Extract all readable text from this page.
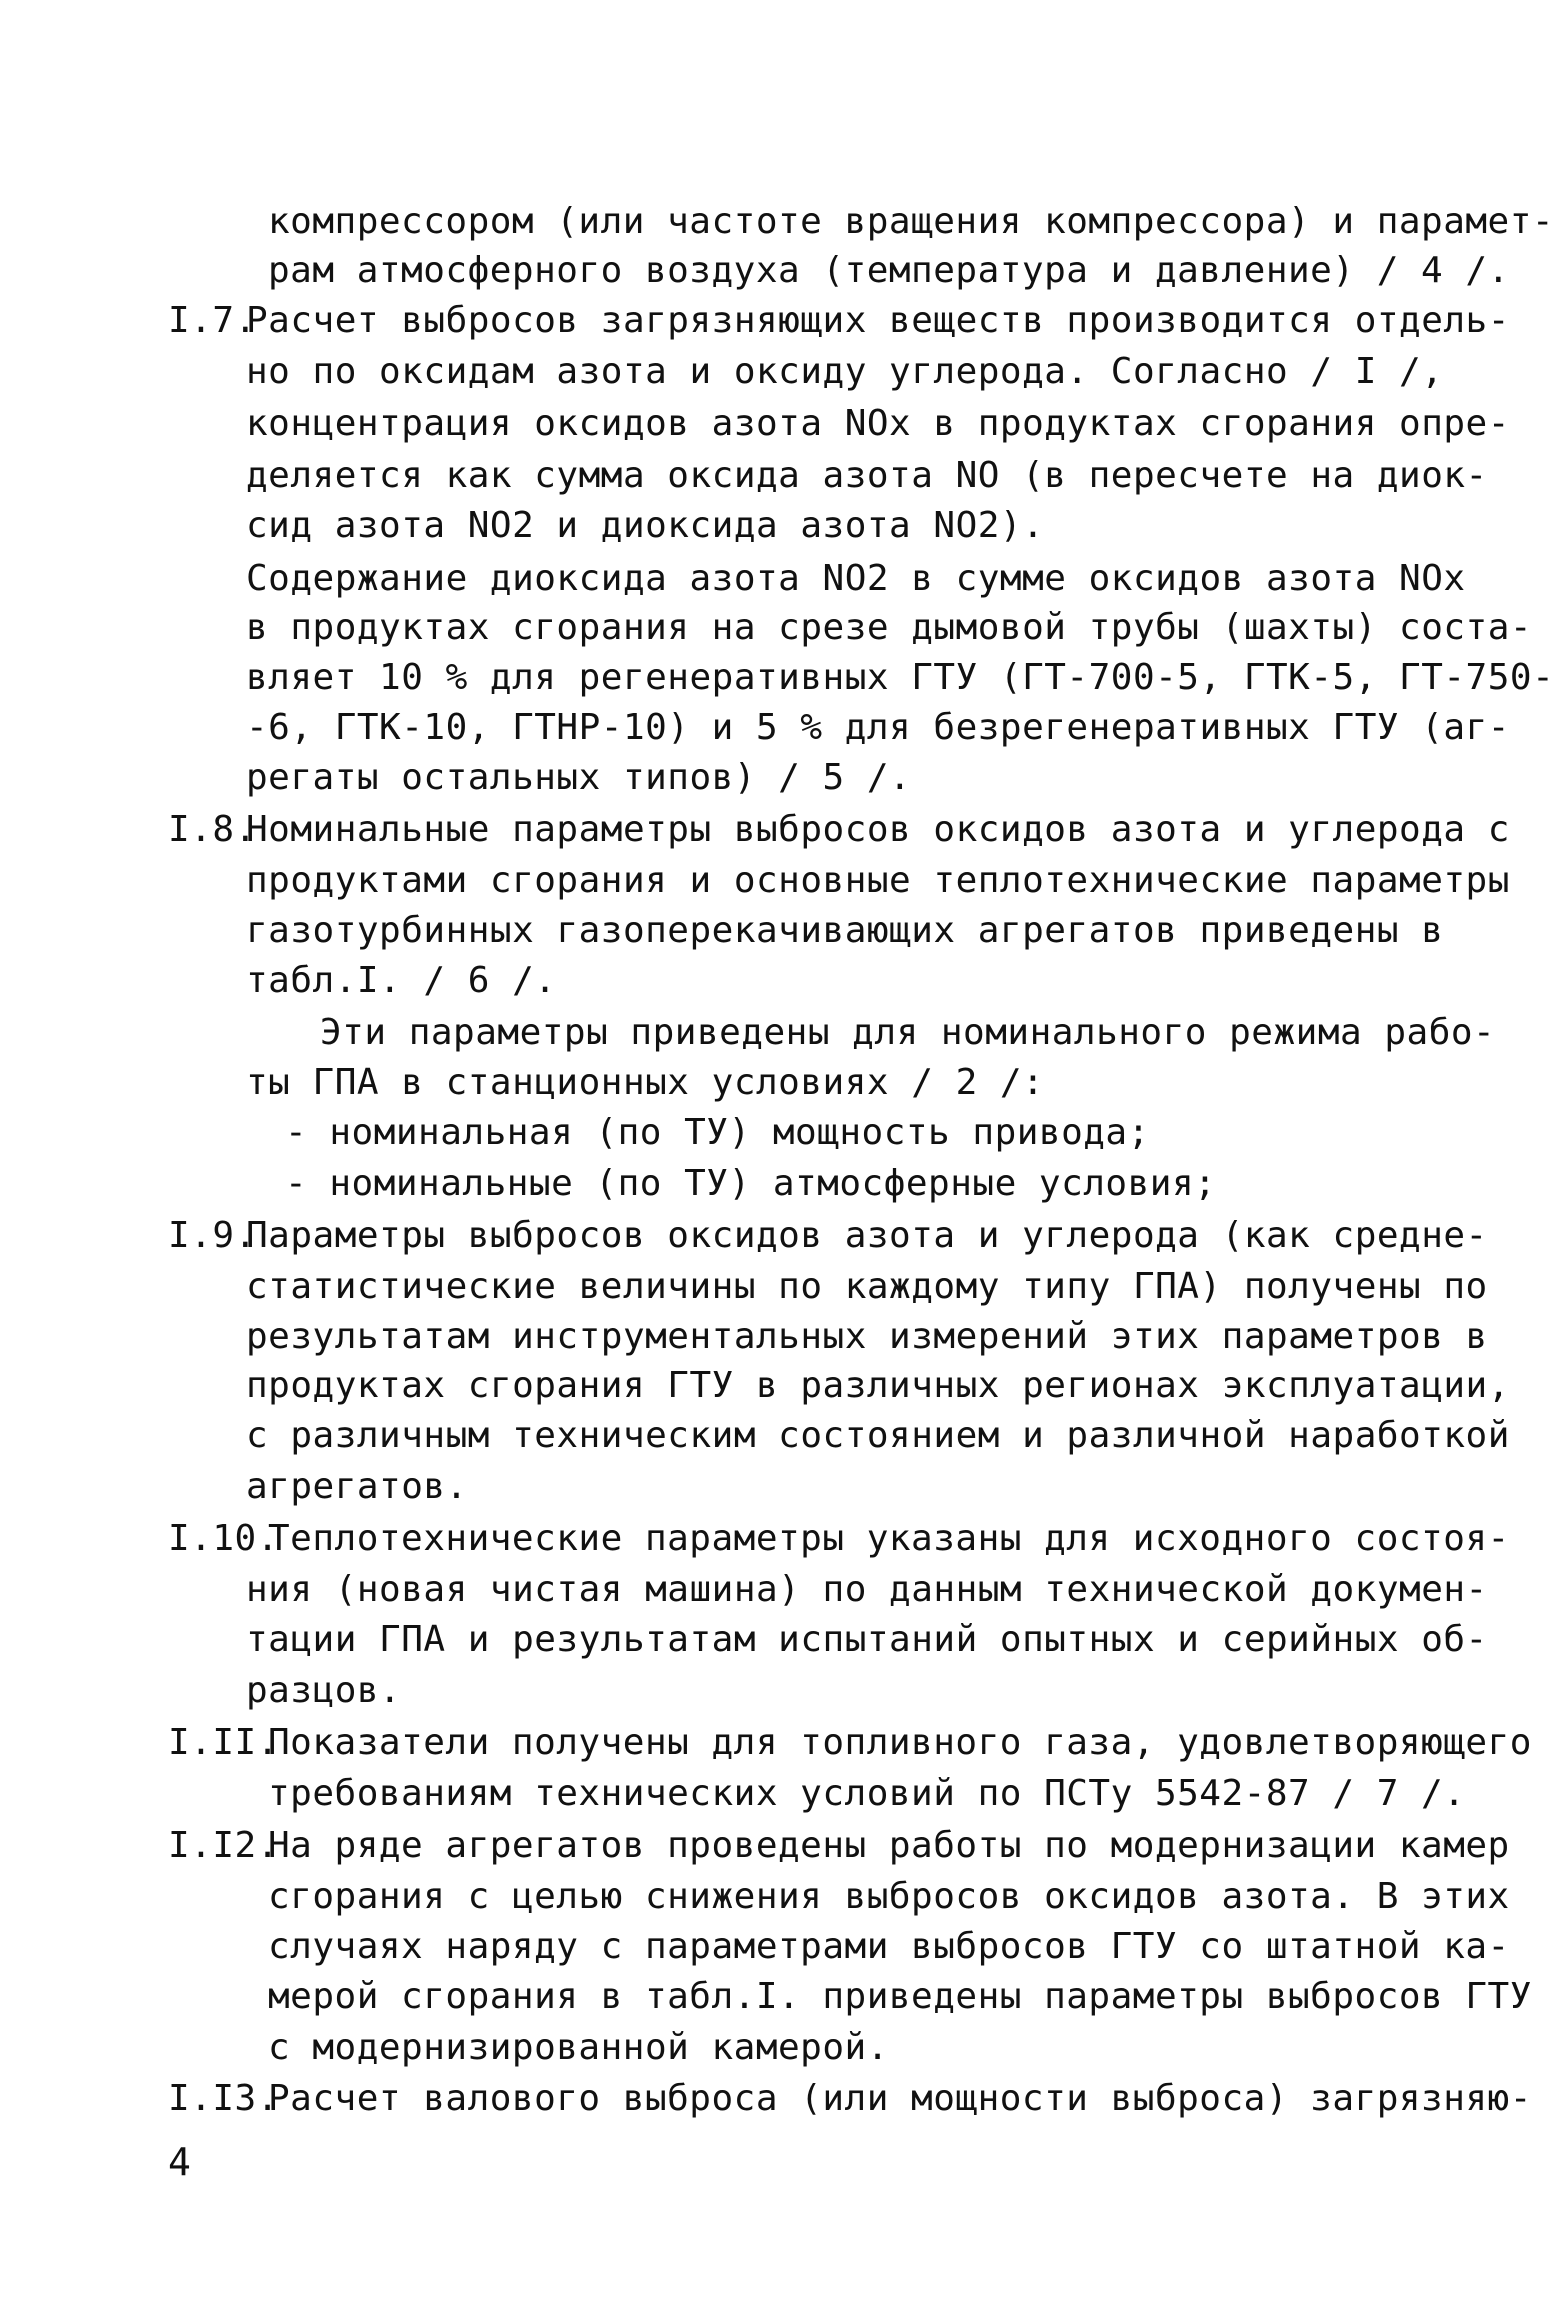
компрессором (или частоте вращения компрессора) и парамет-
рам атмосферного воздуха (температура и давление) / 4 /.
I.7.
Расчет выбросов загрязняющих веществ производится отдель-
но по оксидам азота и оксиду углерода. Согласно / I /,
концентрация оксидов азота NOx в продуктах сгорания опре-
деляется как сумма оксида азота NO (в пересчете на диок-
сид азота NO2 и диоксида азота NO2).
Содержание диоксида азота NO2 в сумме оксидов азота NOx
в продуктах сгорания на срезе дымовой трубы (шахты) соста-
вляет 10 % для регенеративных ГТУ (ГТ-700-5, ГТК-5, ГТ-750-
-6, ГТК-10, ГТНР-10) и 5 % для безрегенеративных ГТУ (аг-
регаты остальных типов) / 5 /.
I.8.
Номинальные параметры выбросов оксидов азота и углерода с
продуктами сгорания и основные теплотехнические параметры
газотурбинных газоперекачивающих агрегатов приведены в
табл.I. / 6 /.
Эти параметры приведены для номинального режима рабо-
ты ГПА в станционных условиях / 2 /:
- номинальная (по ТУ) мощность привода;
- номинальные (по ТУ) атмосферные условия;
I.9.
Параметры выбросов оксидов азота и углерода (как средне-
статистические величины по каждому типу ГПА) получены по
результатам инструментальных измерений этих параметров в
продуктах сгорания ГТУ в различных регионах эксплуатации,
с различным техническим состоянием и различной наработкой
агрегатов.
I.10.
Теплотехнические параметры указаны для исходного состоя-
ния (новая чистая машина) по данным технической докумен-
тации ГПА и результатам испытаний опытных и серийных об-
разцов.
I.II.
Показатели получены для топливного газа, удовлетворяющего
требованиям технических условий по ПСТу 5542-87 / 7 /.
I.I2.
На ряде агрегатов проведены работы по модернизации камер
сгорания с целью снижения выбросов оксидов азота. В этих
случаях наряду с параметрами выбросов ГТУ со штатной ка-
мерой сгорания в табл.I. приведены параметры выбросов ГТУ
с модернизированной камерой.
I.I3.
Расчет валового выброса (или мощности выброса) загрязняю-
4
